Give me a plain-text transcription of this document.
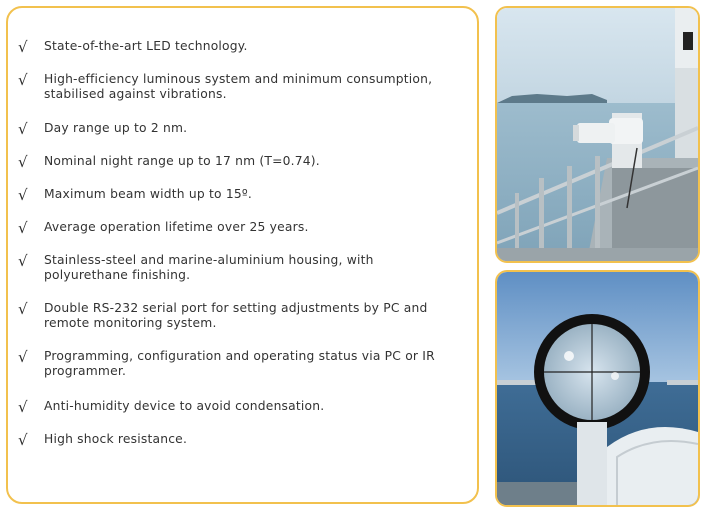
√ State-of-the-art LED technology.
√ High-efficiency luminous system and minimum consumption, stabilised against vibrations.
√ Day range up to 2 nm.
√ Nominal night range up to 17 nm (T=0.74).
√ Maximum beam width up to 15º.
√ Average operation lifetime over 25 years.
√ Stainless-steel and marine-aluminium housing, with polyurethane finishing.
√ Double RS-232 serial port for setting adjustments by PC and remote monitoring system.
√ Programming, configuration and operating status via PC or IR programmer.
√ Anti-humidity device to avoid condensation.
√ High shock resistance.
